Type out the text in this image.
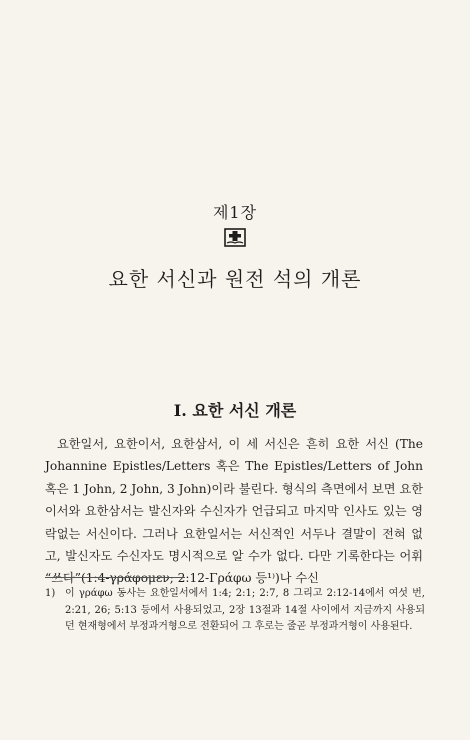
제1장
요한 서신과 원전 석의 개론
I. 요한 서신 개론

요한일서, 요한이서, 요한삼서, 이 세 서신은 흔히 요한 서신 (The Johannine Epistles/Letters 혹은 The Epistles/Letters of John 혹은 1 John, 2 John, 3 John)이라 불린다. 형식의 측면에서 보면 요한이서와 요한삼서는 발신자와 수신자가 언급되고 마지막 인사도 있는 영락없는 서신이다. 그러나 요한일서는 서신적인 서두나 결말이 전혀 없고, 발신자도 수신자도 명시적으로 알 수가 없다. 다만 기록한다는 어휘 “쓰다”(1:4-γράφομεν; 2:12-Γράφω 등¹⁾)나 수신

1) 이 γράφω 동사는 요한일서에서 1:4; 2:1; 2:7, 8 그리고 2:12-14에서 여섯 번, 2:21, 26; 5:13 등에서 사용되었고, 2장 13절과 14절 사이에서 지금까지 사용되던 현재형에서 부정과거형으로 전환되어 그 후로는 줄곧 부정과거형이 사용된다.
